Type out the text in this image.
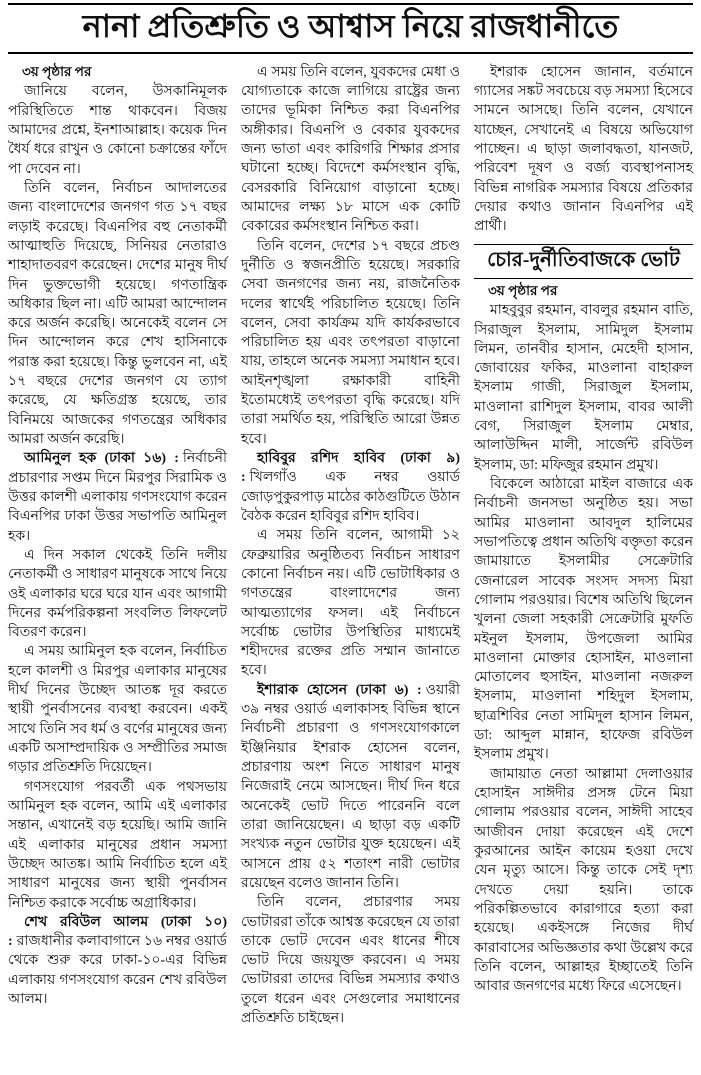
নানা প্রতিশ্রুতি ও আশ্বাস নিয়ে রাজধানীতে

৩য় পৃষ্ঠার পর

জানিয়ে বলেন, উসকানিমূলক পরিস্থিতিতে শান্ত থাকবেন। বিজয় আমাদের প্রশ্নে, ইনশাআল্লাহ। কয়েক দিন ধৈর্য ধরে রাখুন ও কোনো চক্রান্তের ফাঁদে পা দেবেন না।

তিনি বলেন, নির্বাচন আদালতের জন্য বাংলাদেশের জনগণ গত ১৭ বছর লড়াই করেছে। বিএনপির বহু নেতাকর্মী আত্মাহুতি দিয়েছে, সিনিয়র নেতারাও শাহাদাতবরণ করেছেন। দেশের মানুষ দীর্ঘ দিন ভুক্তভোগী হয়েছে। গণতান্ত্রিক অধিকার ছিল না। এটি আমরা আন্দোলন করে অর্জন করেছি। অনেকেই বলেন সে দিন আন্দোলন করে শেখ হাসিনাকে পরাস্ত করা হয়েছে। কিন্তু ভুলবেন না, এই ১৭ বছরে দেশের জনগণ যে ত্যাগ করেছে, যে ক্ষতিগ্রস্ত হয়েছে, তার বিনিময়ে আজকের গণতন্ত্রের অধিকার আমরা অর্জন করেছি।

আমিনুল হক (ঢাকা ১৬) : নির্বাচনী প্রচারণার সপ্তম দিনে মিরপুর সিরামিক ও উত্তর কালশী এলাকায় গণসংযোগ করেন বিএনপির ঢাকা উত্তর সভাপতি আমিনুল হক।

এ দিন সকাল থেকেই তিনি দলীয় নেতাকর্মী ও সাধারণ মানুষকে সাথে নিয়ে ওই এলাকার ঘরে ঘরে যান এবং আগামী দিনের কর্মপরিকল্পনা সংবলিত লিফলেট বিতরণ করেন।

এ সময় আমিনুল হক বলেন, নির্বাচিত হলে কালশী ও মিরপুর এলাকার মানুষের দীর্ঘ দিনের উচ্ছেদ আতঙ্ক দূর করতে স্থায়ী পুনর্বাসনের ব্যবস্থা করবেন। একই সাথে তিনি সব ধর্ম ও বর্ণের মানুষের জন্য একটি অসাম্প্রদায়িক ও সম্প্রীতির সমাজ গড়ার প্রতিশ্রুতি দিয়েছেন।

গণসংযোগ পরবর্তী এক পথসভায় আমিনুল হক বলেন, আমি এই এলাকার সন্তান, এখানেই বড় হয়েছি। আমি জানি এই এলাকার মানুষের প্রধান সমস্যা উচ্ছেদ আতঙ্ক। আমি নির্বাচিত হলে এই সাধারণ মানুষের জন্য স্থায়ী পুনর্বাসন নিশ্চিত করাকে সর্বোচ্চ অগ্রাধিকার।

শেখ রবিউল আলম (ঢাকা ১০) : রাজধানীর কলাবাগানে ১৬ নম্বর ওয়ার্ড থেকে শুরু করে ঢাকা-১০-এর বিভিন্ন এলাকায় গণসংযোগ করেন শেখ রবিউল আলম।

এ সময় তিনি বলেন, যুবকদের মেধা ও যোগ্যতাকে কাজে লাগিয়ে রাষ্ট্রের জন্য তাদের ভূমিকা নিশ্চিত করা বিএনপির অঙ্গীকার। বিএনপি ও বেকার যুবকদের জন্য ভাতা এবং কারিগরি শিক্ষার প্রসার ঘটানো হচ্ছে। বিদেশে কর্মসংস্থান বৃদ্ধি, বেসরকারি বিনিয়োগ বাড়ানো হচ্ছে। আমাদের লক্ষ্য ১৮ মাসে এক কোটি বেকারের কর্মসংস্থান নিশ্চিত করা।

তিনি বলেন, দেশের ১৭ বছরে প্রচণ্ড দুর্নীতি ও স্বজনপ্রীতি হয়েছে। সরকারি সেবা জনগণের জন্য নয়, রাজনৈতিক দলের স্বার্থেই পরিচালিত হয়েছে। তিনি বলেন, সেবা কার্যক্রম যদি কার্যকরভাবে পরিচালিত হয় এবং তৎপরতা বাড়ানো যায়, তাহলে অনেক সমস্যা সমাধান হবে। আইনশৃঙ্খলা রক্ষাকারী বাহিনী ইতোমধ্যেই তৎপরতা বৃদ্ধি করেছে। যদি তারা সমর্থিত হয়, পরিস্থিতি আরো উন্নত হবে।

হাবিবুর রশিদ হাবিব (ঢাকা ৯) : খিলগাঁও এক নম্বর ওয়ার্ড জোড়পুকুরপাড় মাঠের কাঠগুটিতে উঠান বৈঠক করেন হাবিবুর রশিদ হাবিব।

এ সময় তিনি বলেন, আগামী ১২ ফেব্রুয়ারির অনুষ্ঠিতব্য নির্বাচন সাধারণ কোনো নির্বাচন নয়। এটি ভোটাধিকার ও গণতন্ত্রের বাংলাদেশের জন্য আত্মত্যাগের ফসল। এই নির্বাচনে সর্বোচ্চ ভোটার উপস্থিতির মাধ্যমেই শহীদদের রক্তের প্রতি সম্মান জানাতে হবে।

ইশারাক হোসেন (ঢাকা ৬) : ওয়ারী ৩৯ নম্বর ওয়ার্ড এলাকাসহ বিভিন্ন স্থানে নির্বাচনী প্রচারণা ও গণসংযোগকালে ইঞ্জিনিয়ার ইশরাক হোসেন বলেন, প্রচারণায় অংশ নিতে সাধারণ মানুষ নিজেরাই নেমে আসছেন। দীর্ঘ দিন ধরে অনেকেই ভোট দিতে পারেননি বলে তারা জানিয়েছেন। এ ছাড়া বড় একটি সংখ্যক নতুন ভোটার যুক্ত হয়েছেন। এই আসনে প্রায় ৫২ শতাংশ নারী ভোটার রয়েছেন বলেও জানান তিনি।

তিনি বলেন, প্রচারণার সময় ভোটাররা তাঁকে আশ্বস্ত করেছেন যে তারা তাকে ভোট দেবেন এবং ধানের শীষে ভোট দিয়ে জয়যুক্ত করবেন। এ সময় ভোটাররা তাদের বিভিন্ন সমস্যার কথাও তুলে ধরেন এবং সেগুলোর সমাধানের প্রতিশ্রুতি চাইছেন।

ইশরাক হোসেন জানান, বর্তমানে গ্যাসের সঙ্কট সবচেয়ে বড় সমস্যা হিসেবে সামনে আসছে। তিনি বলেন, যেখানে যাচ্ছেন, সেখানেই এ বিষয়ে অভিযোগ পাচ্ছেন। এ ছাড়া জলাবদ্ধতা, যানজট, পরিবেশ দূষণ ও বর্জ্য ব্যবস্থাপনাসহ বিভিন্ন নাগরিক সমস্যার বিষয়ে প্রতিকার দেয়ার কথাও জানান বিএনপির এই প্রার্থী।

চোর-দুর্নীতিবাজকে ভোট

৩য় পৃষ্ঠার পর

মাহবুবুর রহমান, বাবলুর রহমান বাতি, সিরাজুল ইসলাম, সামিদুল ইসলাম লিমন, তানবীর হাসান, মেহেদী হাসান, জোবায়ের ফকির, মাওলানা বাহারুল ইসলাম গাজী, সিরাজুল ইসলাম, মাওলানা রাশিদুল ইসলাম, বাবর আলী বেগ, সিরাজুল ইসলাম মেম্বার, আলাউদ্দিন মালী, সার্জেন্ট রবিউল ইসলাম, ডা: মফিজুর রহমান প্রমুখ।

বিকেলে আঠারো মাইল বাজারে এক নির্বাচনী জনসভা অনুষ্ঠিত হয়। সভা আমির মাওলানা আবদুল হালিমের সভাপতিত্বে প্রধান অতিথি বক্তৃতা করেন জামায়াতে ইসলামীর সেক্রেটারি জেনারেল সাবেক সংসদ সদস্য মিয়া গোলাম পরওয়ার। বিশেষ অতিথি ছিলেন খুলনা জেলা সহকারী সেক্রেটারি মুফতি মইনুল ইসলাম, উপজেলা আমির মাওলানা মোক্তার হোসাইন, মাওলানা মোতালেব হুসাইন, মাওলানা নজরুল ইসলাম, মাওলানা শহিদুল ইসলাম, ছাত্রশিবির নেতা সামিদুল হাসান লিমন, ডা: আব্দুল মান্নান, হাফেজ রবিউল ইসলাম প্রমুখ।

জামায়াত নেতা আল্লামা দেলাওয়ার হোসাইন সাঈদীর প্রসঙ্গ টেনে মিয়া গোলাম পরওয়ার বলেন, সাঈদী সাহেব আজীবন দোয়া করেছেন এই দেশে কুরআনের আইন কায়েম হওয়া দেখে যেন মৃত্যু আসে। কিন্তু তাকে সেই দৃশ্য দেখতে দেয়া হয়নি। তাকে পরিকল্পিতভাবে কারাগারে হত্যা করা হয়েছে। একইসঙ্গে নিজের দীর্ঘ কারাবাসের অভিজ্ঞতার কথা উল্লেখ করে তিনি বলেন, আল্লাহর ইচ্ছাতেই তিনি আবার জনগণের মধ্যে ফিরে এসেছেন।
